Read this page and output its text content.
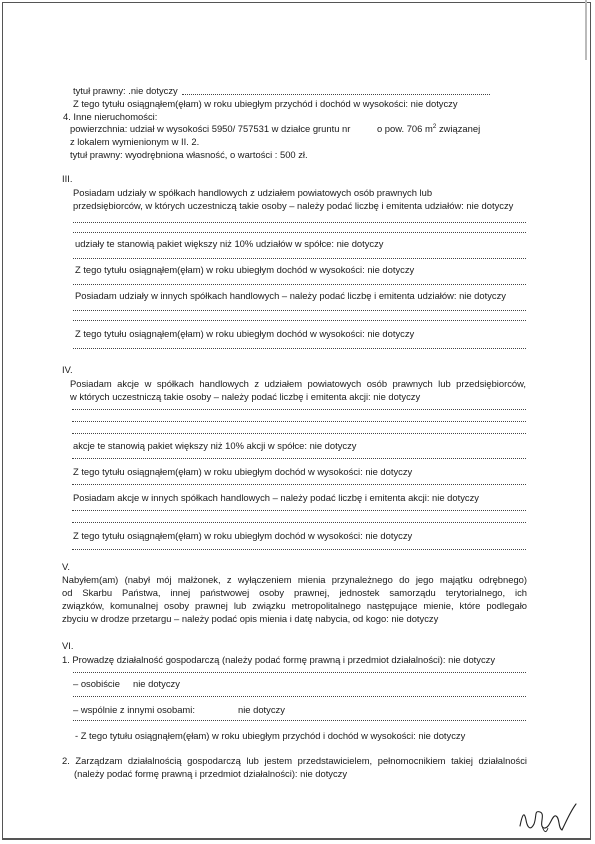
tytuł prawny: .nie dotyczy
Z tego tytułu osiągnąłem(ęłam) w roku ubiegłym przychód i dochód w wysokości: nie dotyczy
4. Inne nieruchomości:
powierzchnia: udział w wysokości 5950/ 757531 w działce gruntu nr	o pow. 706 $m^2$ związanej
z lokalem wymienionym w II. 2.
tytuł prawny: wyodrębniona własność, o wartości : 500 zł.
III.
Posiadam udziały w spółkach handlowych z udziałem powiatowych osób prawnych lub
przedsiębiorców, w których uczestniczą takie osoby – należy podać liczbę i emitenta udziałów: nie dotyczy
udziały te stanowią pakiet większy niż 10% udziałów w spółce: nie dotyczy
Z tego tytułu osiągnąłem(ęłam) w roku ubiegłym dochód w wysokości: nie dotyczy
Posiadam udziały w innych spółkach handlowych – należy podać liczbę i emitenta udziałów: nie dotyczy
Z tego tytułu osiągnąłem(ęłam) w roku ubiegłym dochód w wysokości: nie dotyczy
IV.
Posiadam akcje w spółkach handlowych z udziałem powiatowych osób prawnych lub przedsiębiorców,
w których uczestniczą takie osoby – należy podać liczbę i emitenta akcji: nie dotyczy
akcje te stanowią pakiet większy niż 10% akcji w spółce: nie dotyczy
Z tego tytułu osiągnąłem(ęłam) w roku ubiegłym dochód w wysokości: nie dotyczy
Posiadam akcje w innych spółkach handlowych – należy podać liczbę i emitenta akcji: nie dotyczy
Z tego tytułu osiągnąłem(ęłam) w roku ubiegłym dochód w wysokości: nie dotyczy
V.
Nabyłem(am) (nabył mój małżonek, z wyłączeniem mienia przynależnego do jego majątku odrębnego)
od Skarbu Państwa, innej państwowej osoby prawnej, jednostek samorządu terytorialnego, ich
związków, komunalnej osoby prawnej lub związku metropolitalnego następujące mienie, które podlegało
zbyciu w drodze przetargu – należy podać opis mienia i datę nabycia, od kogo: nie dotyczy
VI.
1. Prowadzę działalność gospodarczą (należy podać formę prawną i przedmiot działalności): nie dotyczy
– osobiście nie dotyczy
– wspólnie z innymi osobami:	nie dotyczy
- Z tego tytułu osiągnąłem(ęłam) w roku ubiegłym przychód i dochód w wysokości: nie dotyczy
2. Zarządzam działalnością gospodarczą lub jestem przedstawicielem, pełnomocnikiem takiej działalności
(należy podać formę prawną i przedmiot działalności): nie dotyczy
